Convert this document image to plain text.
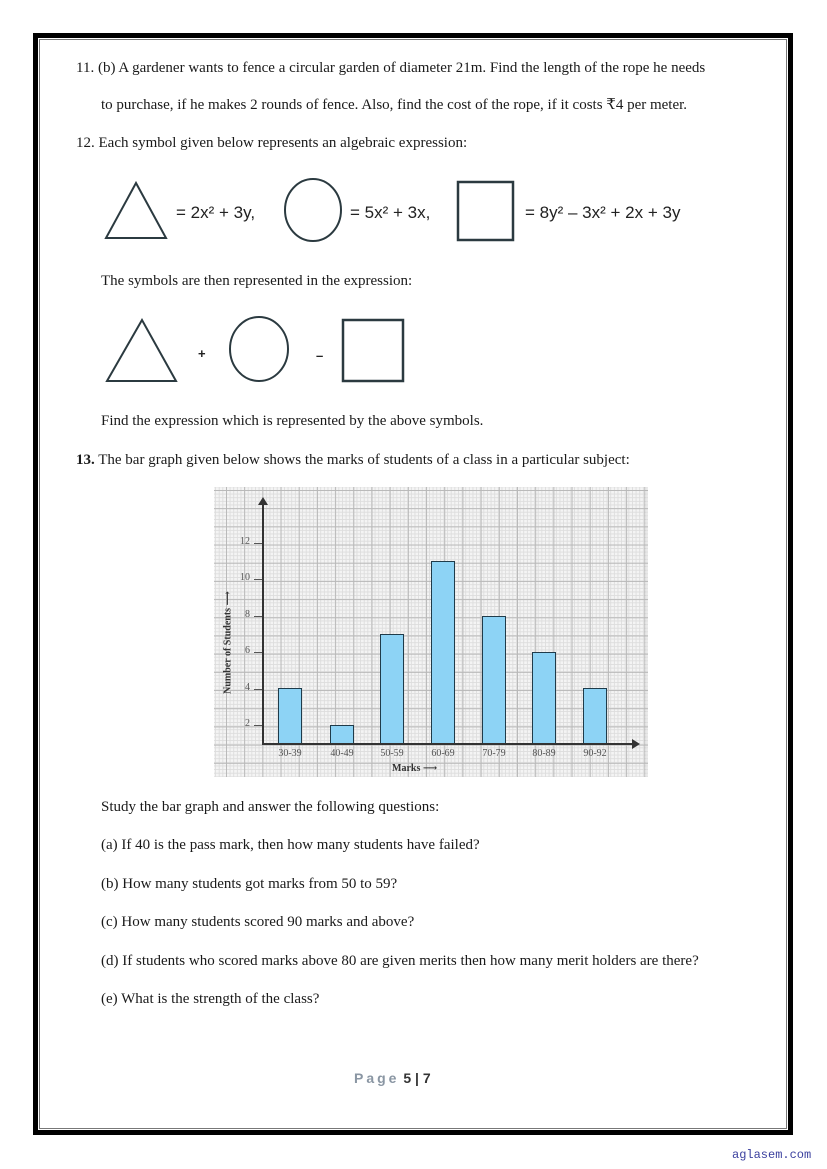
11. (b) A gardener wants to fence a circular garden of diameter 21m. Find the length of the rope he needs
to purchase, if he makes 2 rounds of fence. Also, find the cost of the rope, if it costs ₹4 per meter.
12. Each symbol given below represents an algebraic expression:
= 2x² + 3y,	= 5x² + 3x,	= 8y² – 3x² + 2x + 3y
The symbols are then represented in the expression:
+	–
Find the expression which is represented by the above symbols.
13. The bar graph given below shows the marks of students of a class in a particular subject:
2
4
6
8
10
12
Number of Students ⟶
30-39	40-49	50-59	60-69	70-79	80-89	90-92
Marks ⟶
Study the bar graph and answer the following questions:
(a) If 40 is the pass mark, then how many students have failed?
(b) How many students got marks from 50 to 59?
(c) How many students scored 90 marks and above?
(d) If students who scored marks above 80 are given merits then how many merit holders are there?
(e) What is the strength of the class?
Page 5 | 7
aglasem.com
